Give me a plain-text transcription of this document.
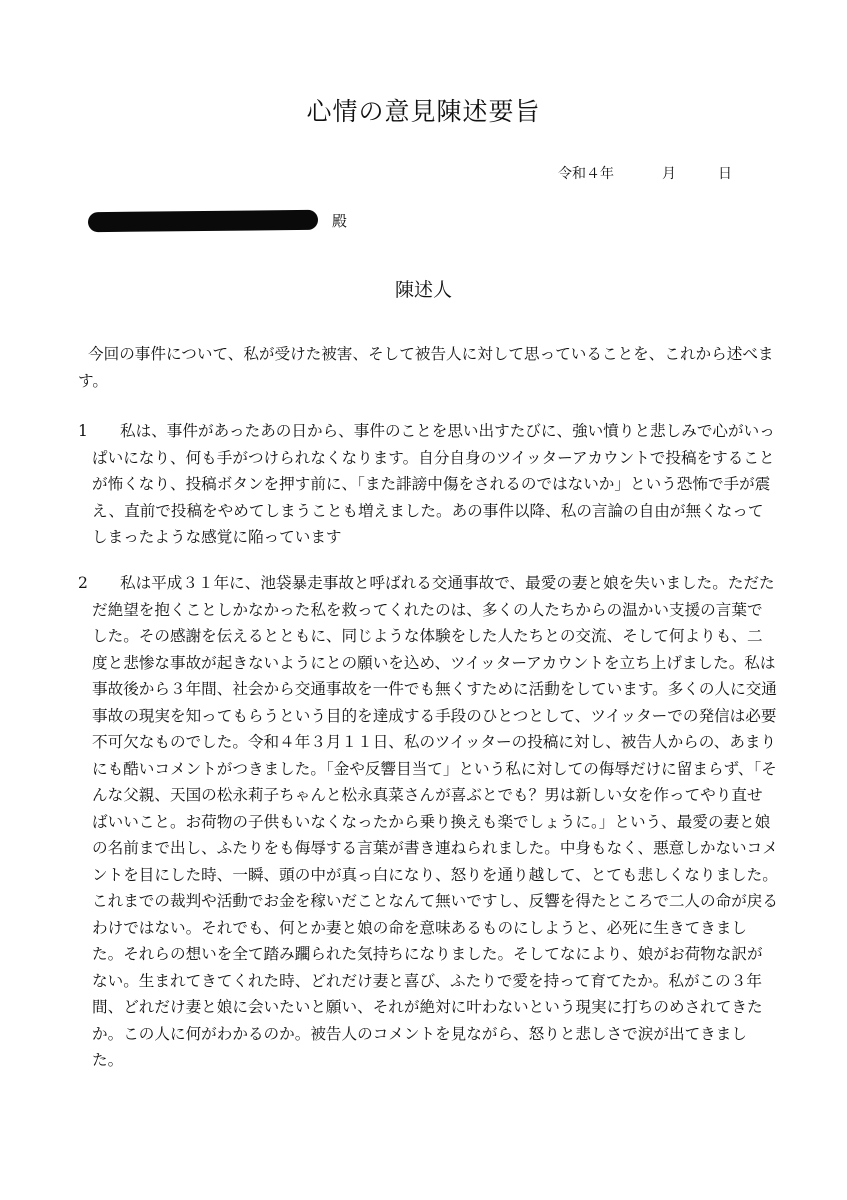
心情の意見陳述要旨
令和４年	月	日
殿
陳述人
今回の事件について、私が受けた被害、そして被告人に対して思っていることを、これから述べます。
1	私は、事件があったあの日から、事件のことを思い出すたびに、強い憤りと悲しみで心がいっぱいになり、何も手がつけられなくなります。自分自身のツイッターアカウントで投稿をすることが怖くなり、投稿ボタンを押す前に、「また誹謗中傷をされるのではないか」という恐怖で手が震え、直前で投稿をやめてしまうことも増えました。あの事件以降、私の言論の自由が無くなってしまったような感覚に陥っています
2	私は平成３１年に、池袋暴走事故と呼ばれる交通事故で、最愛の妻と娘を失いました。ただただ絶望を抱くことしかなかった私を救ってくれたのは、多くの人たちからの温かい支援の言葉でした。その感謝を伝えるとともに、同じような体験をした人たちとの交流、そして何よりも、二度と悲惨な事故が起きないようにとの願いを込め、ツイッターアカウントを立ち上げました。私は事故後から３年間、社会から交通事故を一件でも無くすために活動をしています。多くの人に交通事故の現実を知ってもらうという目的を達成する手段のひとつとして、ツイッターでの発信は必要不可欠なものでした。令和４年３月１１日、私のツイッターの投稿に対し、被告人からの、あまりにも酷いコメントがつきました。「金や反響目当て」という私に対しての侮辱だけに留まらず、「そんな父親、天国の松永莉子ちゃんと松永真菜さんが喜ぶとでも？男は新しい女を作ってやり直せばいいこと。お荷物の子供もいなくなったから乗り換えも楽でしょうに。」という、最愛の妻と娘の名前まで出し、ふたりをも侮辱する言葉が書き連ねられました。中身もなく、悪意しかないコメントを目にした時、一瞬、頭の中が真っ白になり、怒りを通り越して、とても悲しくなりました。これまでの裁判や活動でお金を稼いだことなんて無いですし、反響を得たところで二人の命が戻るわけではない。それでも、何とか妻と娘の命を意味あるものにしようと、必死に生きてきました。それらの想いを全て踏み躙られた気持ちになりました。そしてなにより、娘がお荷物な訳がない。生まれてきてくれた時、どれだけ妻と喜び、ふたりで愛を持って育てたか。私がこの３年間、どれだけ妻と娘に会いたいと願い、それが絶対に叶わないという現実に打ちのめされてきたか。この人に何がわかるのか。被告人のコメントを見ながら、怒りと悲しさで涙が出てきました。
